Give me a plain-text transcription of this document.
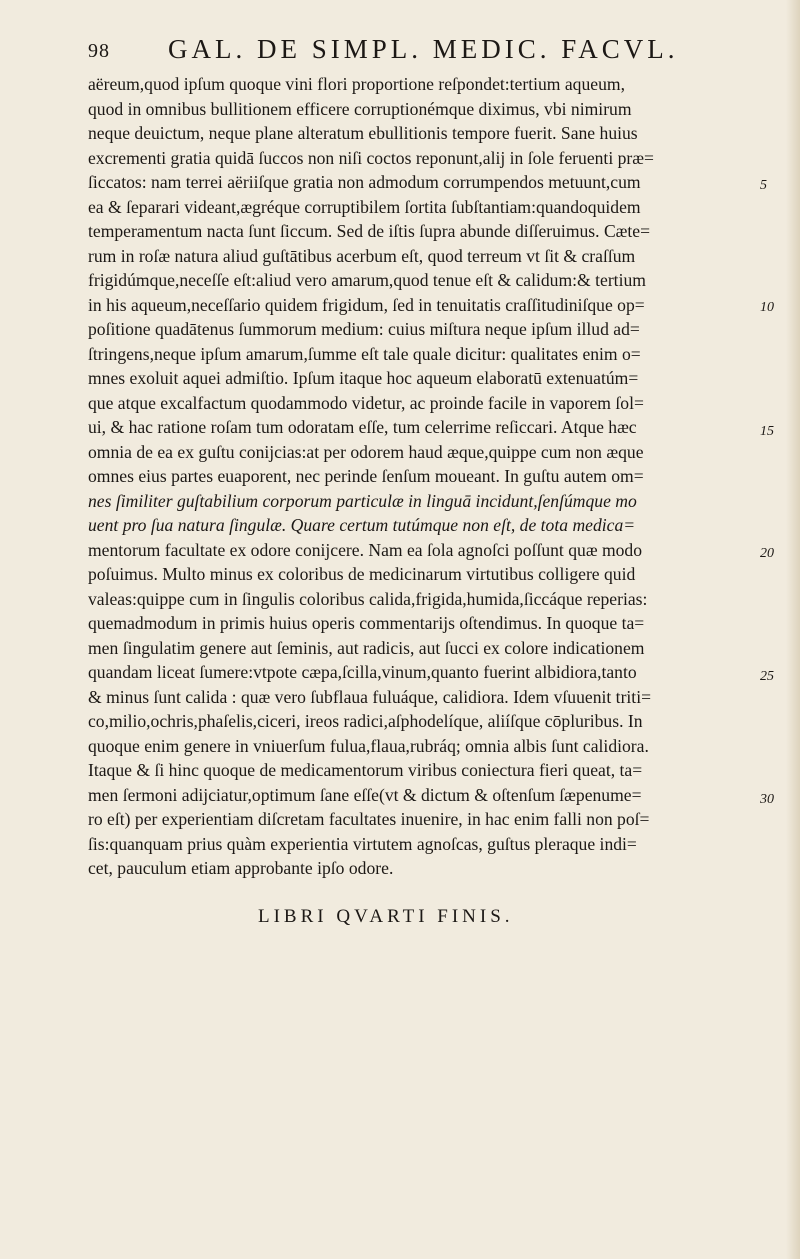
98 GAL. DE SIMPL. MEDIC. FACVL.
aëreum,quod ipſum quoque vini flori proportione reſpondet:tertium aqueum,
quod in omnibus bullitionem efficere corruptionémque diximus, vbi nimirum
neque deuictum, neque plane alteratum ebullitionis tempore fuerit. Sane huius
excrementi gratia quidā ſuccos non niſi coctos reponunt,alij in ſole feruenti præ=
ſiccatos: nam terrei aëriiſque gratia non admodum corrumpendos metuunt,cum
ea & ſeparari videant,ægréque corruptibilem ſortita ſubſtantiam:quandoquidem
temperamentum nacta ſunt ſiccum. Sed de iſtis ſupra abunde diſſeruimus. Cæte=
rum in roſæ natura aliud guſtātibus acerbum eſt, quod terreum vt ſit & craſſum
frigidúmque,neceſſe eſt:aliud vero amarum,quod tenue eſt & calidum:& tertium
in his aqueum,neceſſario quidem frigidum, ſed in tenuitatis craſſitudiniſque op=
poſitione quadātenus ſummorum medium: cuius miſtura neque ipſum illud ad=
ſtringens,neque ipſum amarum,ſumme eſt tale quale dicitur: qualitates enim o=
mnes exoluit aquei admiſtio. Ipſum itaque hoc aqueum elaboratū extenuatúm=
que atque excalfactum quodammodo videtur, ac proinde facile in vaporem ſol=
ui, & hac ratione roſam tum odoratam eſſe, tum celerrime reſiccari. Atque hæc
omnia de ea ex guſtu conijcias:at per odorem haud æque,quippe cum non æque
omnes eius partes euaporent, nec perinde ſenſum moueant. In guſtu autem om=
nes ſimiliter guſtabilium corporum particulæ in linguā incidunt,ſenſúmque mo
uent pro ſua natura ſingulæ. Quare certum tutúmque non eſt, de tota medica=
mentorum facultate ex odore conijcere. Nam ea ſola agnoſci poſſunt quæ modo
poſuimus. Multo minus ex coloribus de medicinarum virtutibus colligere quid
valeas:quippe cum in ſingulis coloribus calida,frigida,humida,ſiccáque reperias:
quemadmodum in primis huius operis commentarijs oſtendimus. In quoque ta=
men ſingulatim genere aut ſeminis, aut radicis, aut ſucci ex colore indicationem
quandam liceat ſumere:vtpote cæpa,ſcilla,vinum,quanto fuerint albidiora,tanto
& minus ſunt calida : quæ vero ſubflaua fuluáque, calidiora. Idem vſuuenit triti=
co,milio,ochris,phaſelis,ciceri, ireos radici,aſphodelíque, aliíſque cōpluribus. In
quoque enim genere in vniuerſum fulua,flaua,rubráq; omnia albis ſunt calidiora.
Itaque & ſi hinc quoque de medicamentorum viribus coniectura fieri queat, ta=
men ſermoni adijciatur,optimum ſane eſſe(vt & dictum & oſtenſum ſæpenume=
ro eſt) per experientiam diſcretam facultates inuenire, in hac enim falli non poſ=
ſis:quanquam prius quàm experientia virtutem agnoſcas, guſtus pleraque indi=
cet, pauculum etiam approbante ipſo odore.
5
10
15
20
25
30
LIBRI QVARTI FINIS.
